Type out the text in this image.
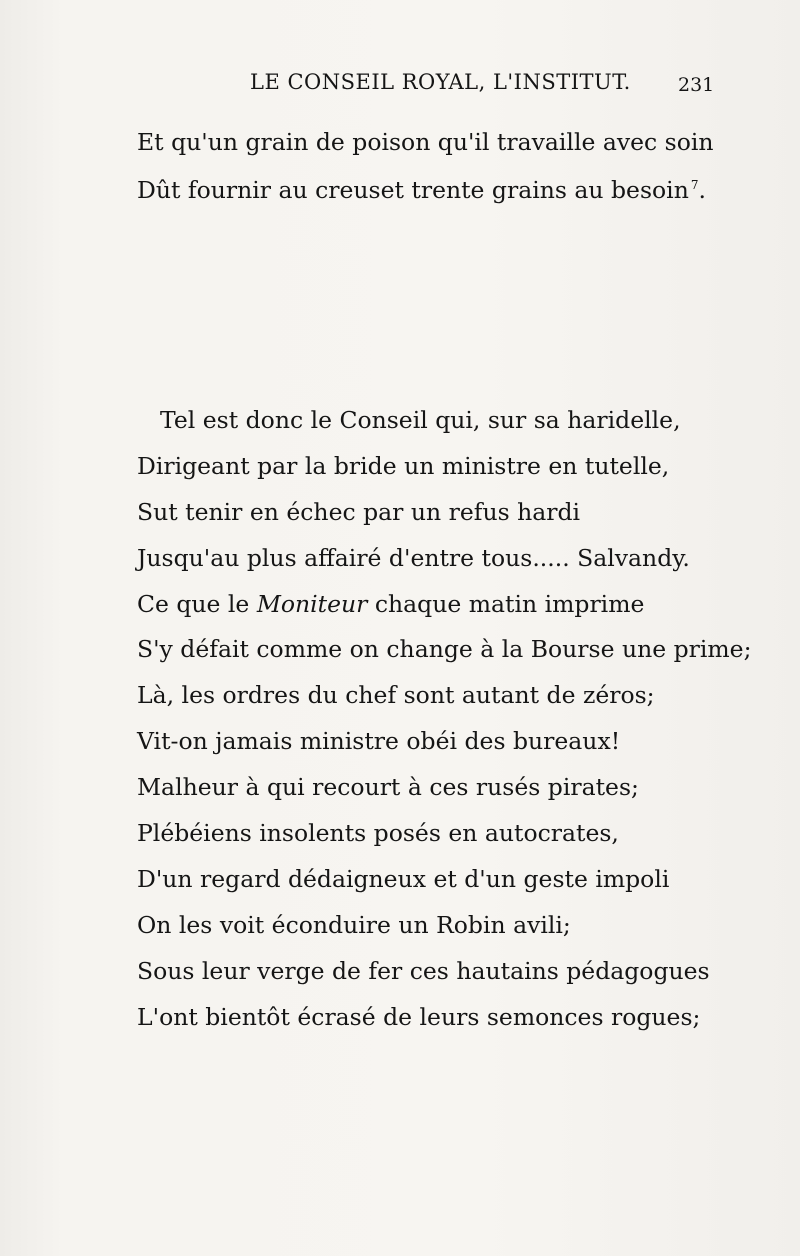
LE CONSEIL ROYAL, L'INSTITUT. 231
Et qu'un grain de poison qu'il travaille avec soin
Dût fournir au creuset trente grains au besoin $^7$.
Tel est donc le Conseil qui, sur sa haridelle,
Dirigeant par la bride un ministre en tutelle,
Sut tenir en échec par un refus hardi
Jusqu'au plus affairé d'entre tous..... Salvandy.
Ce que le Moniteur chaque matin imprime
S'y défait comme on change à la Bourse une prime;
Là, les ordres du chef sont autant de zéros;
Vit-on jamais ministre obéi des bureaux!
Malheur à qui recourt à ces rusés pirates;
Plébéiens insolents posés en autocrates,
D'un regard dédaigneux et d'un geste impoli
On les voit éconduire un Robin avili;
Sous leur verge de fer ces hautains pédagogues
L'ont bientôt écrasé de leurs semonces rogues;
